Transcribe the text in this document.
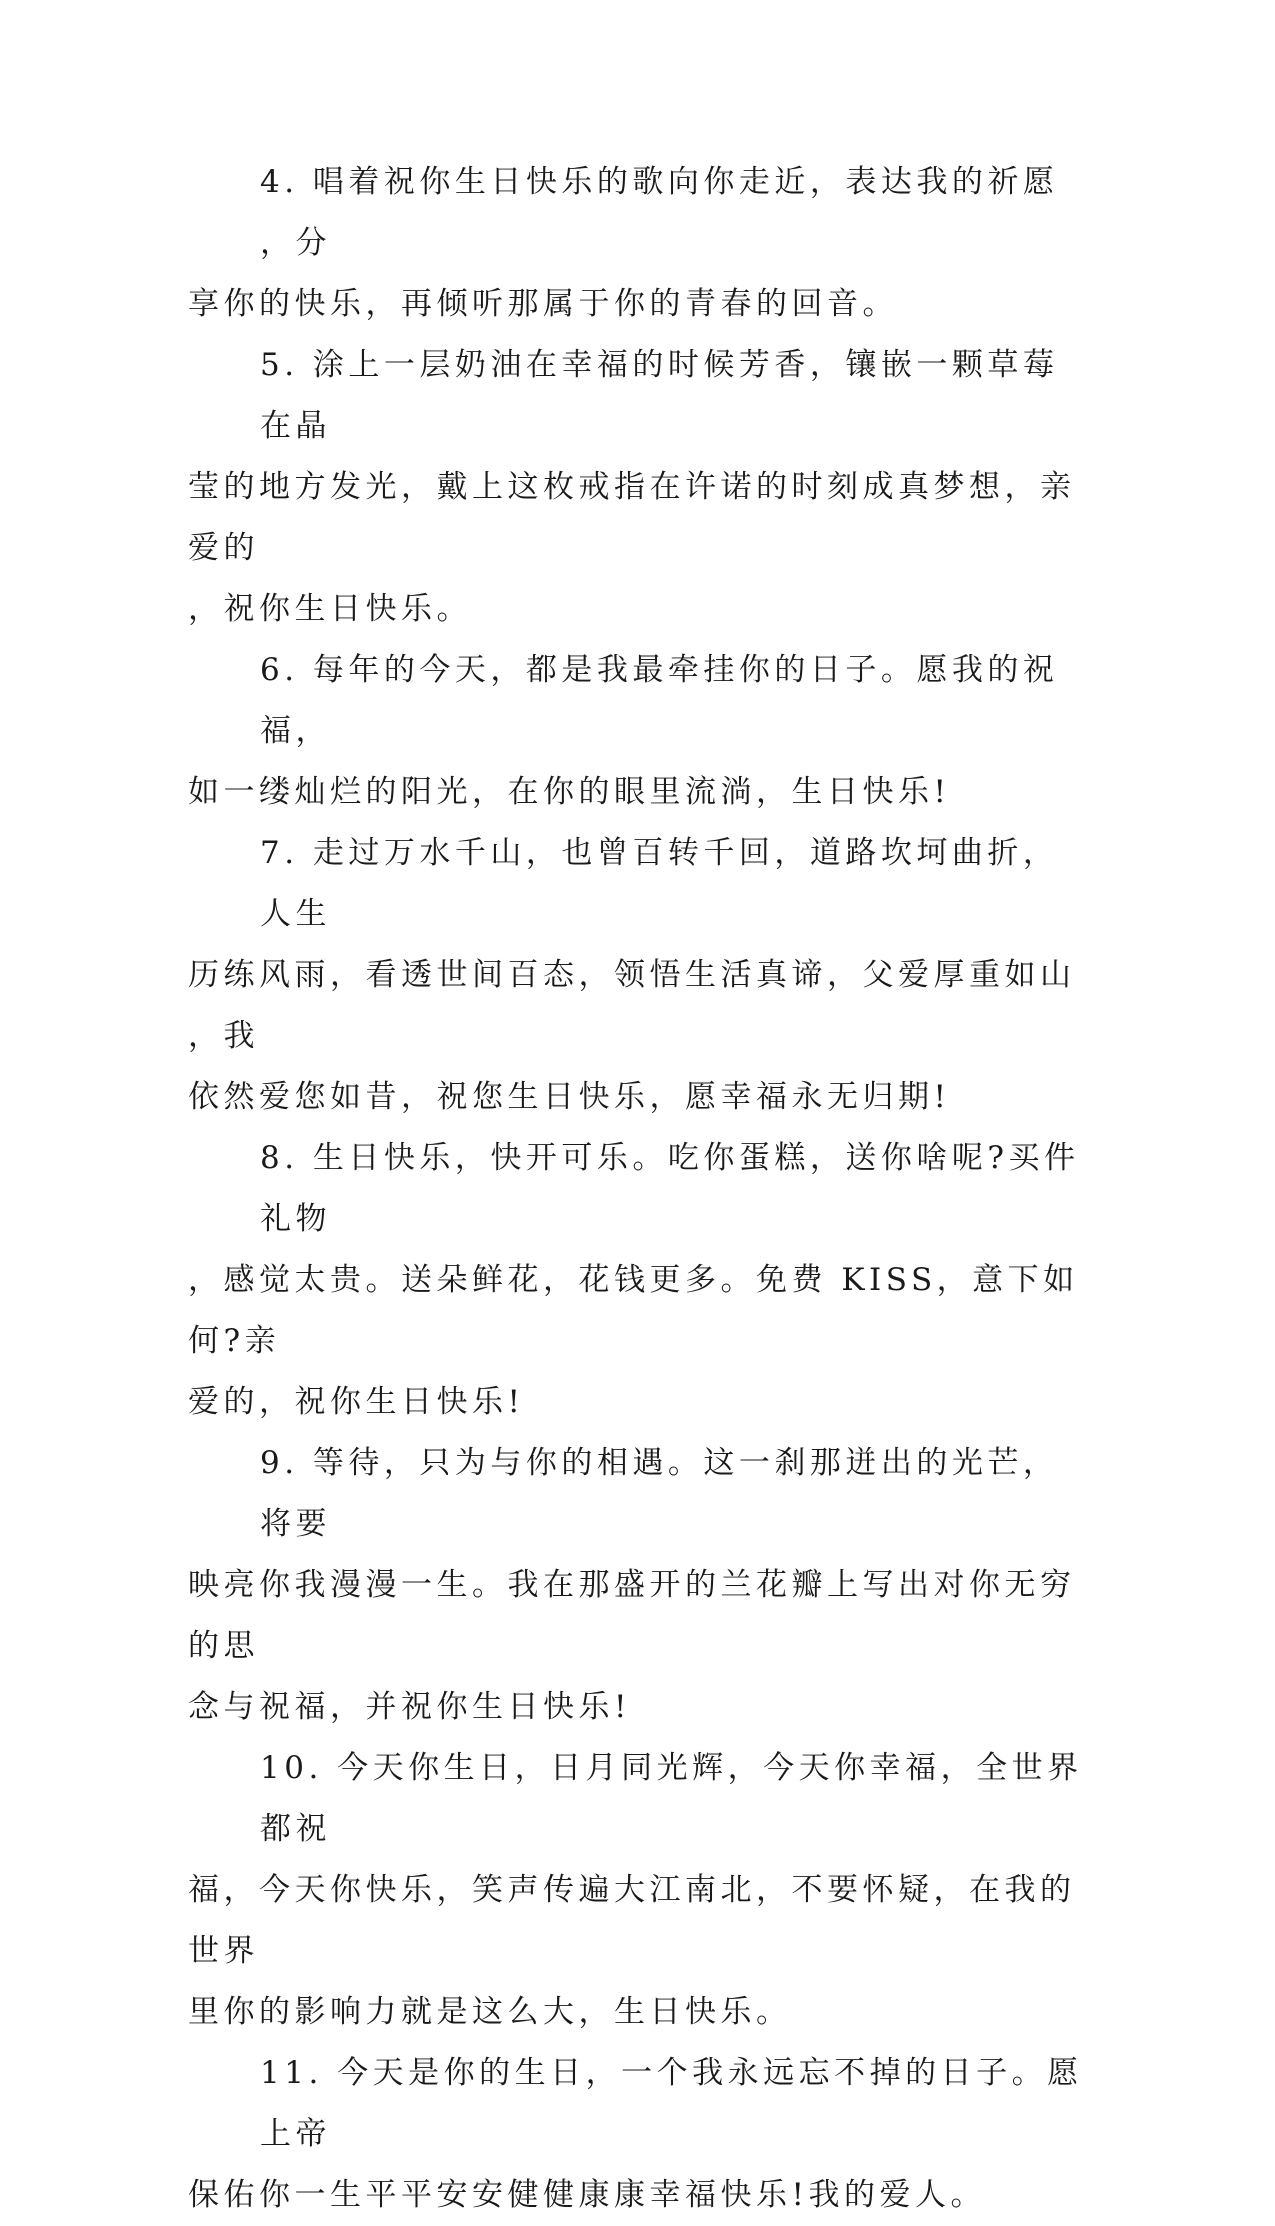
4. 唱着祝你生日快乐的歌向你走近，表达我的祈愿，分
享你的快乐，再倾听那属于你的青春的回音。
5. 涂上一层奶油在幸福的时候芳香，镶嵌一颗草莓在晶
莹的地方发光，戴上这枚戒指在许诺的时刻成真梦想，亲爱的
，祝你生日快乐。
6. 每年的今天，都是我最牵挂你的日子。愿我的祝福，
如一缕灿烂的阳光，在你的眼里流淌，生日快乐!
7. 走过万水千山，也曾百转千回，道路坎坷曲折，人生
历练风雨，看透世间百态，领悟生活真谛，父爱厚重如山，我
依然爱您如昔，祝您生日快乐，愿幸福永无归期!
8. 生日快乐，快开可乐。吃你蛋糕，送你啥呢?买件礼物
，感觉太贵。送朵鲜花，花钱更多。免费 KISS，意下如何?亲
爱的，祝你生日快乐!
9. 等待，只为与你的相遇。这一刹那迸出的光芒，将要
映亮你我漫漫一生。我在那盛开的兰花瓣上写出对你无穷的思
念与祝福，并祝你生日快乐!
10. 今天你生日，日月同光辉，今天你幸福，全世界都祝
福，今天你快乐，笑声传遍大江南北，不要怀疑，在我的世界
里你的影响力就是这么大，生日快乐。
11. 今天是你的生日，一个我永远忘不掉的日子。愿上帝
保佑你一生平平安安健健康康幸福快乐!我的爱人。
